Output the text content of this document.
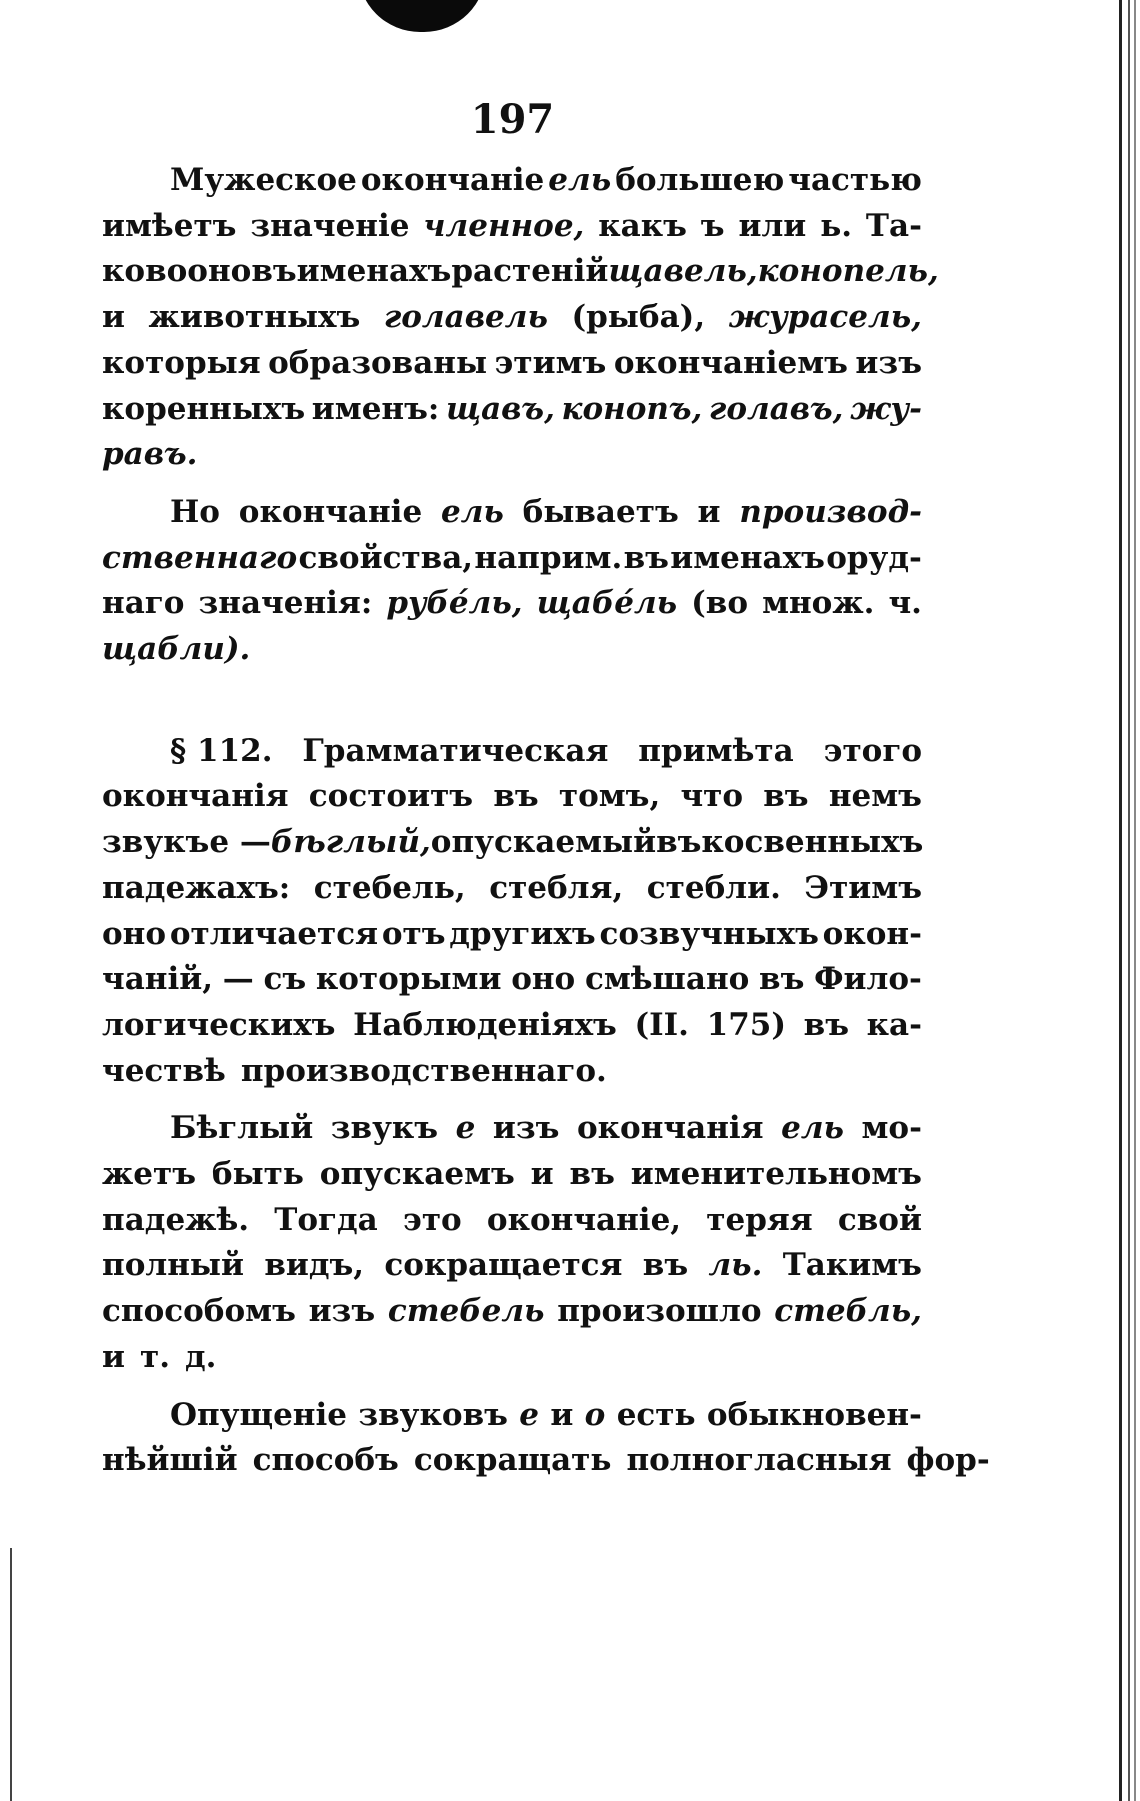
197
Мужеское окончаніе ель большею частью
имѣетъ значеніе членное, какъ ъ или ь. Та-
ково оно въ именахъ растеній щавель, конопель,
и животныхъ голавель (рыба), журасель,
которыя образованы этимъ окончаніемъ изъ
коренныхъ именъ: щавъ, конопъ, голавъ, жу-
равъ.
Но окончаніе ель бываетъ и производ-
ственнаго свойства, наприм. въ именахъ оруд-
наго значенія: рубе́ль, щабе́ль (во множ. ч.
щабли).
§ 112. Грамматическая примѣта этого
окончанія состоитъ въ томъ, что въ немъ
звукъ е — бѣглый, опускаемый въ косвенныхъ
падежахъ: стебель, стебля, стебли. Этимъ
оно отличается отъ другихъ созвучныхъ окон-
чаній, — съ которыми оно смѣшано въ Фило-
логическихъ Наблюденіяхъ (II. 175) въ ка-
чествѣ производственнаго.
Бѣглый звукъ е изъ окончанія ель мо-
жетъ быть опускаемъ и въ именительномъ
падежѣ. Тогда это окончаніе, теряя свой
полный видъ, сокращается въ ль. Такимъ
способомъ изъ стебель произошло стебль,
и т. д.
Опущеніе звуковъ е и о есть обыкновен-
нѣйшій способъ сокращать полногласныя фор-
